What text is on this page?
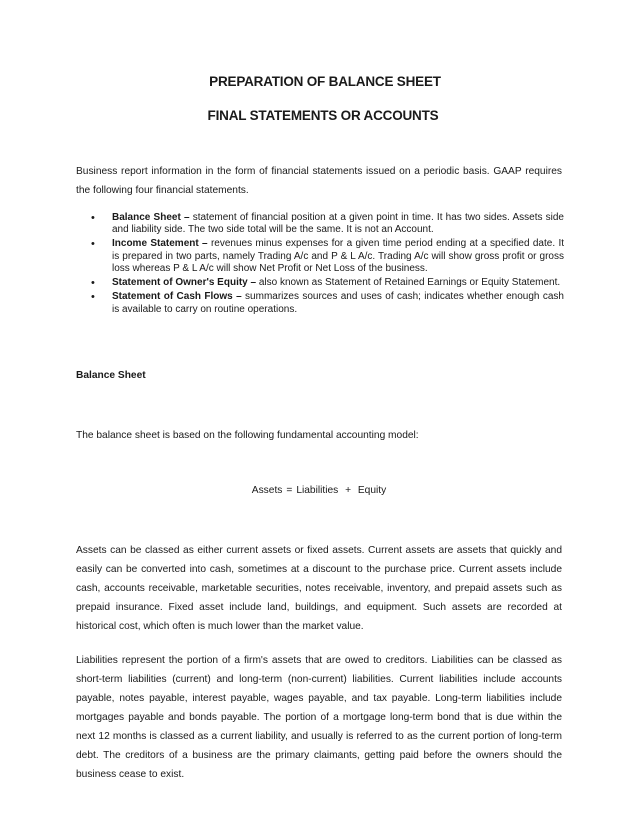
PREPARATION OF BALANCE SHEET
FINAL STATEMENTS OR ACCOUNTS

Business report information in the form of financial statements issued on a periodic basis. GAAP requires the following four financial statements.

• Balance Sheet – statement of financial position at a given point in time. It has two sides. Assets side and liability side. The two side total will be the same. It is not an Account.
• Income Statement – revenues minus expenses for a given time period ending at a specified date. It is prepared in two parts, namely Trading A/c and P & L A/c. Trading A/c will show gross profit or gross loss whereas P & L A/c will show Net Profit or Net Loss of the business.
• Statement of Owner's Equity – also known as Statement of Retained Earnings or Equity Statement.
• Statement of Cash Flows – summarizes sources and uses of cash; indicates whether enough cash is available to carry on routine operations.
Balance Sheet

The balance sheet is based on the following fundamental accounting model:

Assets = Liabilities + Equity

Assets can be classed as either current assets or fixed assets. Current assets are assets that quickly and easily can be converted into cash, sometimes at a discount to the purchase price. Current assets include cash, accounts receivable, marketable securities, notes receivable, inventory, and prepaid assets such as prepaid insurance. Fixed asset include land, buildings, and equipment. Such assets are recorded at historical cost, which often is much lower than the market value.

Liabilities represent the portion of a firm's assets that are owed to creditors. Liabilities can be classed as short-term liabilities (current) and long-term (non-current) liabilities. Current liabilities include accounts payable, notes payable, interest payable, wages payable, and tax payable. Long-term liabilities include mortgages payable and bonds payable. The portion of a mortgage long-term bond that is due within the next 12 months is classed as a current liability, and usually is referred to as the current portion of long-term debt. The creditors of a business are the primary claimants, getting paid before the owners should the business cease to exist.
